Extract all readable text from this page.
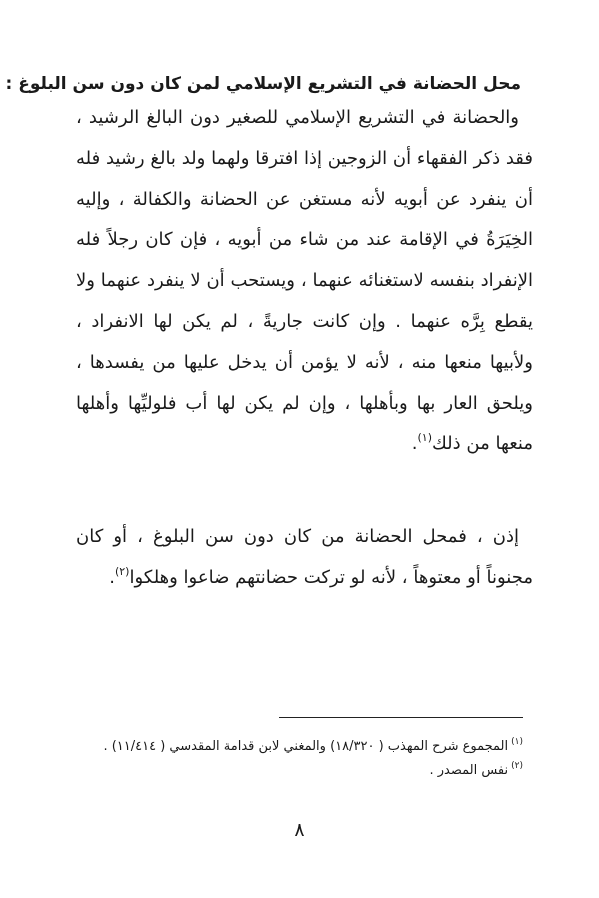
محل الحضانة في التشريع الإسلامي لمن كان دون سن البلوغ :
والحضانة في التشريع الإسلامي للصغير دون البالغ الرشيد ، فقد ذكر الفقهاء أن الزوجين إذا افترقا ولهما ولد بالغ رشيد فله أن ينفرد عن أبويه لأنه مستغن عن الحضانة والكفالة ، وإليه الخِيَرَةُ في الإقامة عند من شاء من أبويه ، فإن كان رجلاً فله الإنفراد بنفسه لاستغنائه عنهما ، ويستحب أن لا ينفرد عنهما ولا يقطع بِرَّه عنهما . وإن كانت جاريةً ، لم يكن لها الانفراد ، ولأبيها منعها منه ، لأنه لا يؤمن أن يدخل عليها من يفسدها ، ويلحق العار بها وبأهلها ، وإن لم يكن لها أب فلوليِّها وأهلها منعها من ذلك$^{(١)}$.
إذن ، فمحل الحضانة من كان دون سن البلوغ ، أو كان مجنوناً أو معتوهاً ، لأنه لو تركت حضانتهم ضاعوا وهلكوا$^{(٢)}$.
$^{(١)}$المجموع شرح المهذب ( ١٨/٣٢٠) والمغني لابن قدامة المقدسي ( ١١/٤١٤) .
$^{(٢)}$نفس المصدر .
٨
